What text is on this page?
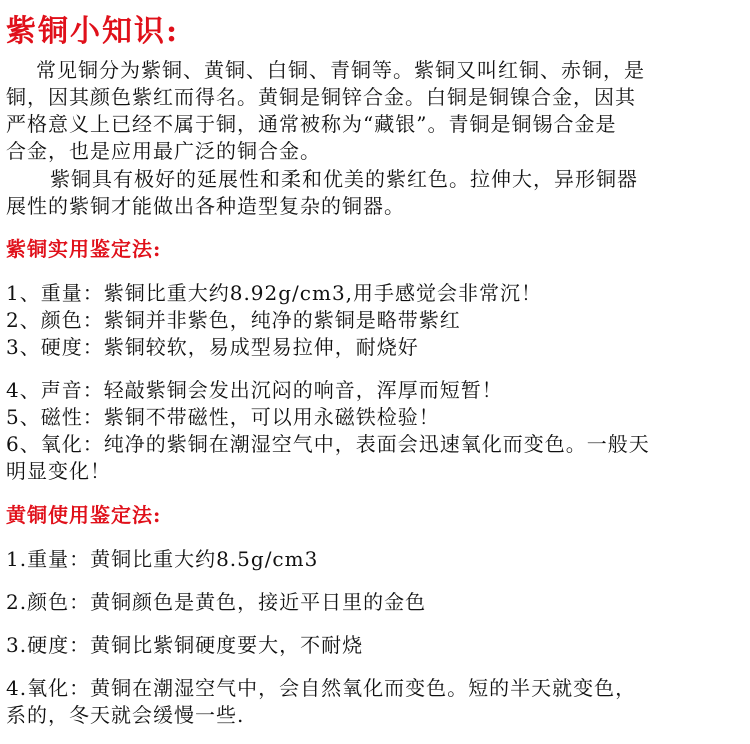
紫铜小知识:
常见铜分为紫铜、黄铜、白铜、青铜等。紫铜又叫红铜、赤铜，是
铜，因其颜色紫红而得名。黄铜是铜锌合金。白铜是铜镍合金，因其
严格意义上已经不属于铜，通常被称为“藏银”。青铜是铜锡合金是
合金，也是应用最广泛的铜合金。
紫铜具有极好的延展性和柔和优美的紫红色。拉伸大，异形铜器
展性的紫铜才能做出各种造型复杂的铜器。
紫铜实用鉴定法:
1、重量：紫铜比重大约8.92g/cm3,用手感觉会非常沉！
2、颜色：紫铜并非紫色，纯净的紫铜是略带紫红
3、硬度：紫铜较软，易成型易拉伸，耐烧好
4、声音：轻敲紫铜会发出沉闷的响音，浑厚而短暂！
5、磁性：紫铜不带磁性，可以用永磁铁检验！
6、氧化：纯净的紫铜在潮湿空气中，表面会迅速氧化而变色。一般天
明显变化！
黄铜使用鉴定法:
1.重量：黄铜比重大约8.5g/cm3
2.颜色：黄铜颜色是黄色，接近平日里的金色
3.硬度：黄铜比紫铜硬度要大，不耐烧
4.氧化：黄铜在潮湿空气中，会自然氧化而变色。短的半天就变色，
系的，冬天就会缓慢一些.
